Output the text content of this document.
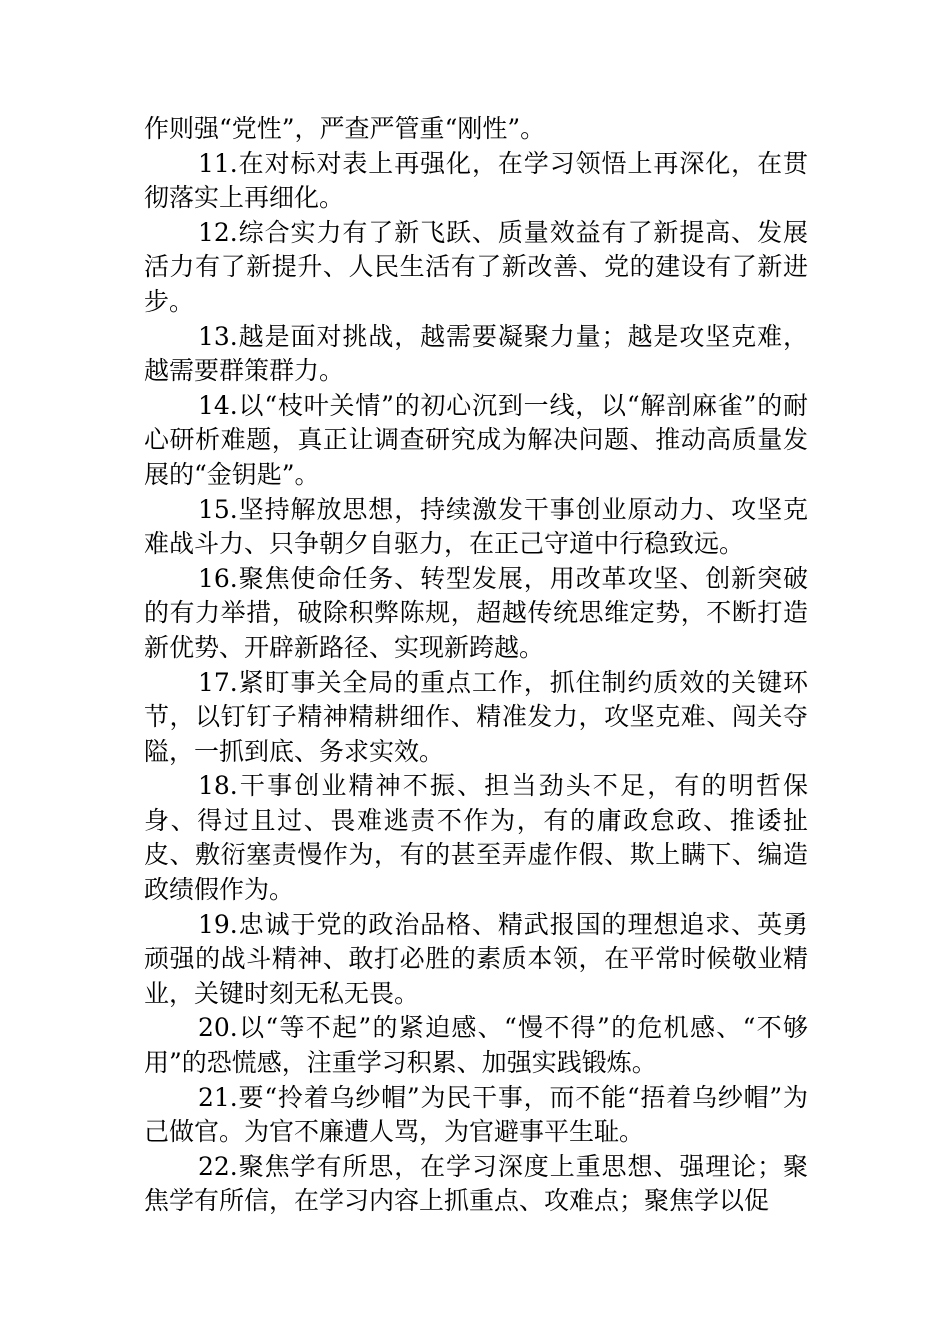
作则强“党性”，严查严管重“刚性”。

11.在对标对表上再强化，在学习领悟上再深化，在贯彻落实上再细化。

12.综合实力有了新飞跃、质量效益有了新提高、发展活力有了新提升、人民生活有了新改善、党的建设有了新进步。

13.越是面对挑战，越需要凝聚力量；越是攻坚克难，越需要群策群力。

14.以“枝叶关情”的初心沉到一线，以“解剖麻雀”的耐心研析难题，真正让调查研究成为解决问题、推动高质量发展的“金钥匙”。

15.坚持解放思想，持续激发干事创业原动力、攻坚克难战斗力、只争朝夕自驱力，在正己守道中行稳致远。

16.聚焦使命任务、转型发展，用改革攻坚、创新突破的有力举措，破除积弊陈规，超越传统思维定势，不断打造新优势、开辟新路径、实现新跨越。

17.紧盯事关全局的重点工作，抓住制约质效的关键环节，以钉钉子精神精耕细作、精准发力，攻坚克难、闯关夺隘，一抓到底、务求实效。

18.干事创业精神不振、担当劲头不足，有的明哲保身、得过且过、畏难逃责不作为，有的庸政怠政、推诿扯皮、敷衍塞责慢作为，有的甚至弄虚作假、欺上瞒下、编造政绩假作为。

19.忠诚于党的政治品格、精武报国的理想追求、英勇顽强的战斗精神、敢打必胜的素质本领，在平常时候敬业精业，关键时刻无私无畏。

20.以“等不起”的紧迫感、“慢不得”的危机感、“不够用”的恐慌感，注重学习积累、加强实践锻炼。

21.要“拎着乌纱帽”为民干事，而不能“捂着乌纱帽”为己做官。为官不廉遭人骂，为官避事平生耻。

22.聚焦学有所思，在学习深度上重思想、强理论；聚焦学有所信，在学习内容上抓重点、攻难点；聚焦学以促
